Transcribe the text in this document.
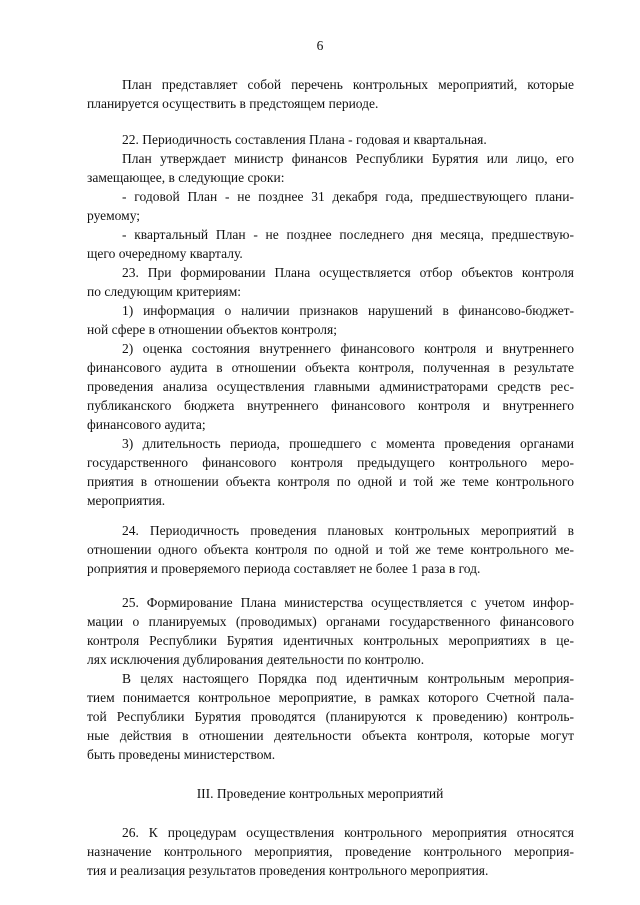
6
План представляет собой перечень контрольных мероприятий, которые
планируется осуществить в предстоящем периоде.
22. Периодичность составления Плана - годовая и квартальная.
План утверждает министр финансов Республики Бурятия или лицо, его
замещающее, в следующие сроки:
- годовой План - не позднее 31 декабря года, предшествующего плани-
руемому;
- квартальный План - не позднее последнего дня месяца, предшествую-
щего очередному кварталу.
23. При формировании Плана осуществляется отбор объектов контроля
по следующим критериям:
1) информация о наличии признаков нарушений в финансово-бюджет-
ной сфере в отношении объектов контроля;
2) оценка состояния внутреннего финансового контроля и внутреннего
финансового аудита в отношении объекта контроля, полученная в результате
проведения анализа осуществления главными администраторами средств рес-
публиканского бюджета внутреннего финансового контроля и внутреннего
финансового аудита;
3) длительность периода, прошедшего с момента проведения органами
государственного финансового контроля предыдущего контрольного меро-
приятия в отношении объекта контроля по одной и той же теме контрольного
мероприятия.
24. Периодичность проведения плановых контрольных мероприятий в
отношении одного объекта контроля по одной и той же теме контрольного ме-
роприятия и проверяемого периода составляет не более 1 раза в год.
25. Формирование Плана министерства осуществляется с учетом инфор-
мации о планируемых (проводимых) органами государственного финансового
контроля Республики Бурятия идентичных контрольных мероприятиях в це-
лях исключения дублирования деятельности по контролю.
В целях настоящего Порядка под идентичным контрольным мероприя-
тием понимается контрольное мероприятие, в рамках которого Счетной пала-
той Республики Бурятия проводятся (планируются к проведению) контроль-
ные действия в отношении деятельности объекта контроля, которые могут
быть проведены министерством.
III. Проведение контрольных мероприятий
26. К процедурам осуществления контрольного мероприятия относятся
назначение контрольного мероприятия, проведение контрольного мероприя-
тия и реализация результатов проведения контрольного мероприятия.
